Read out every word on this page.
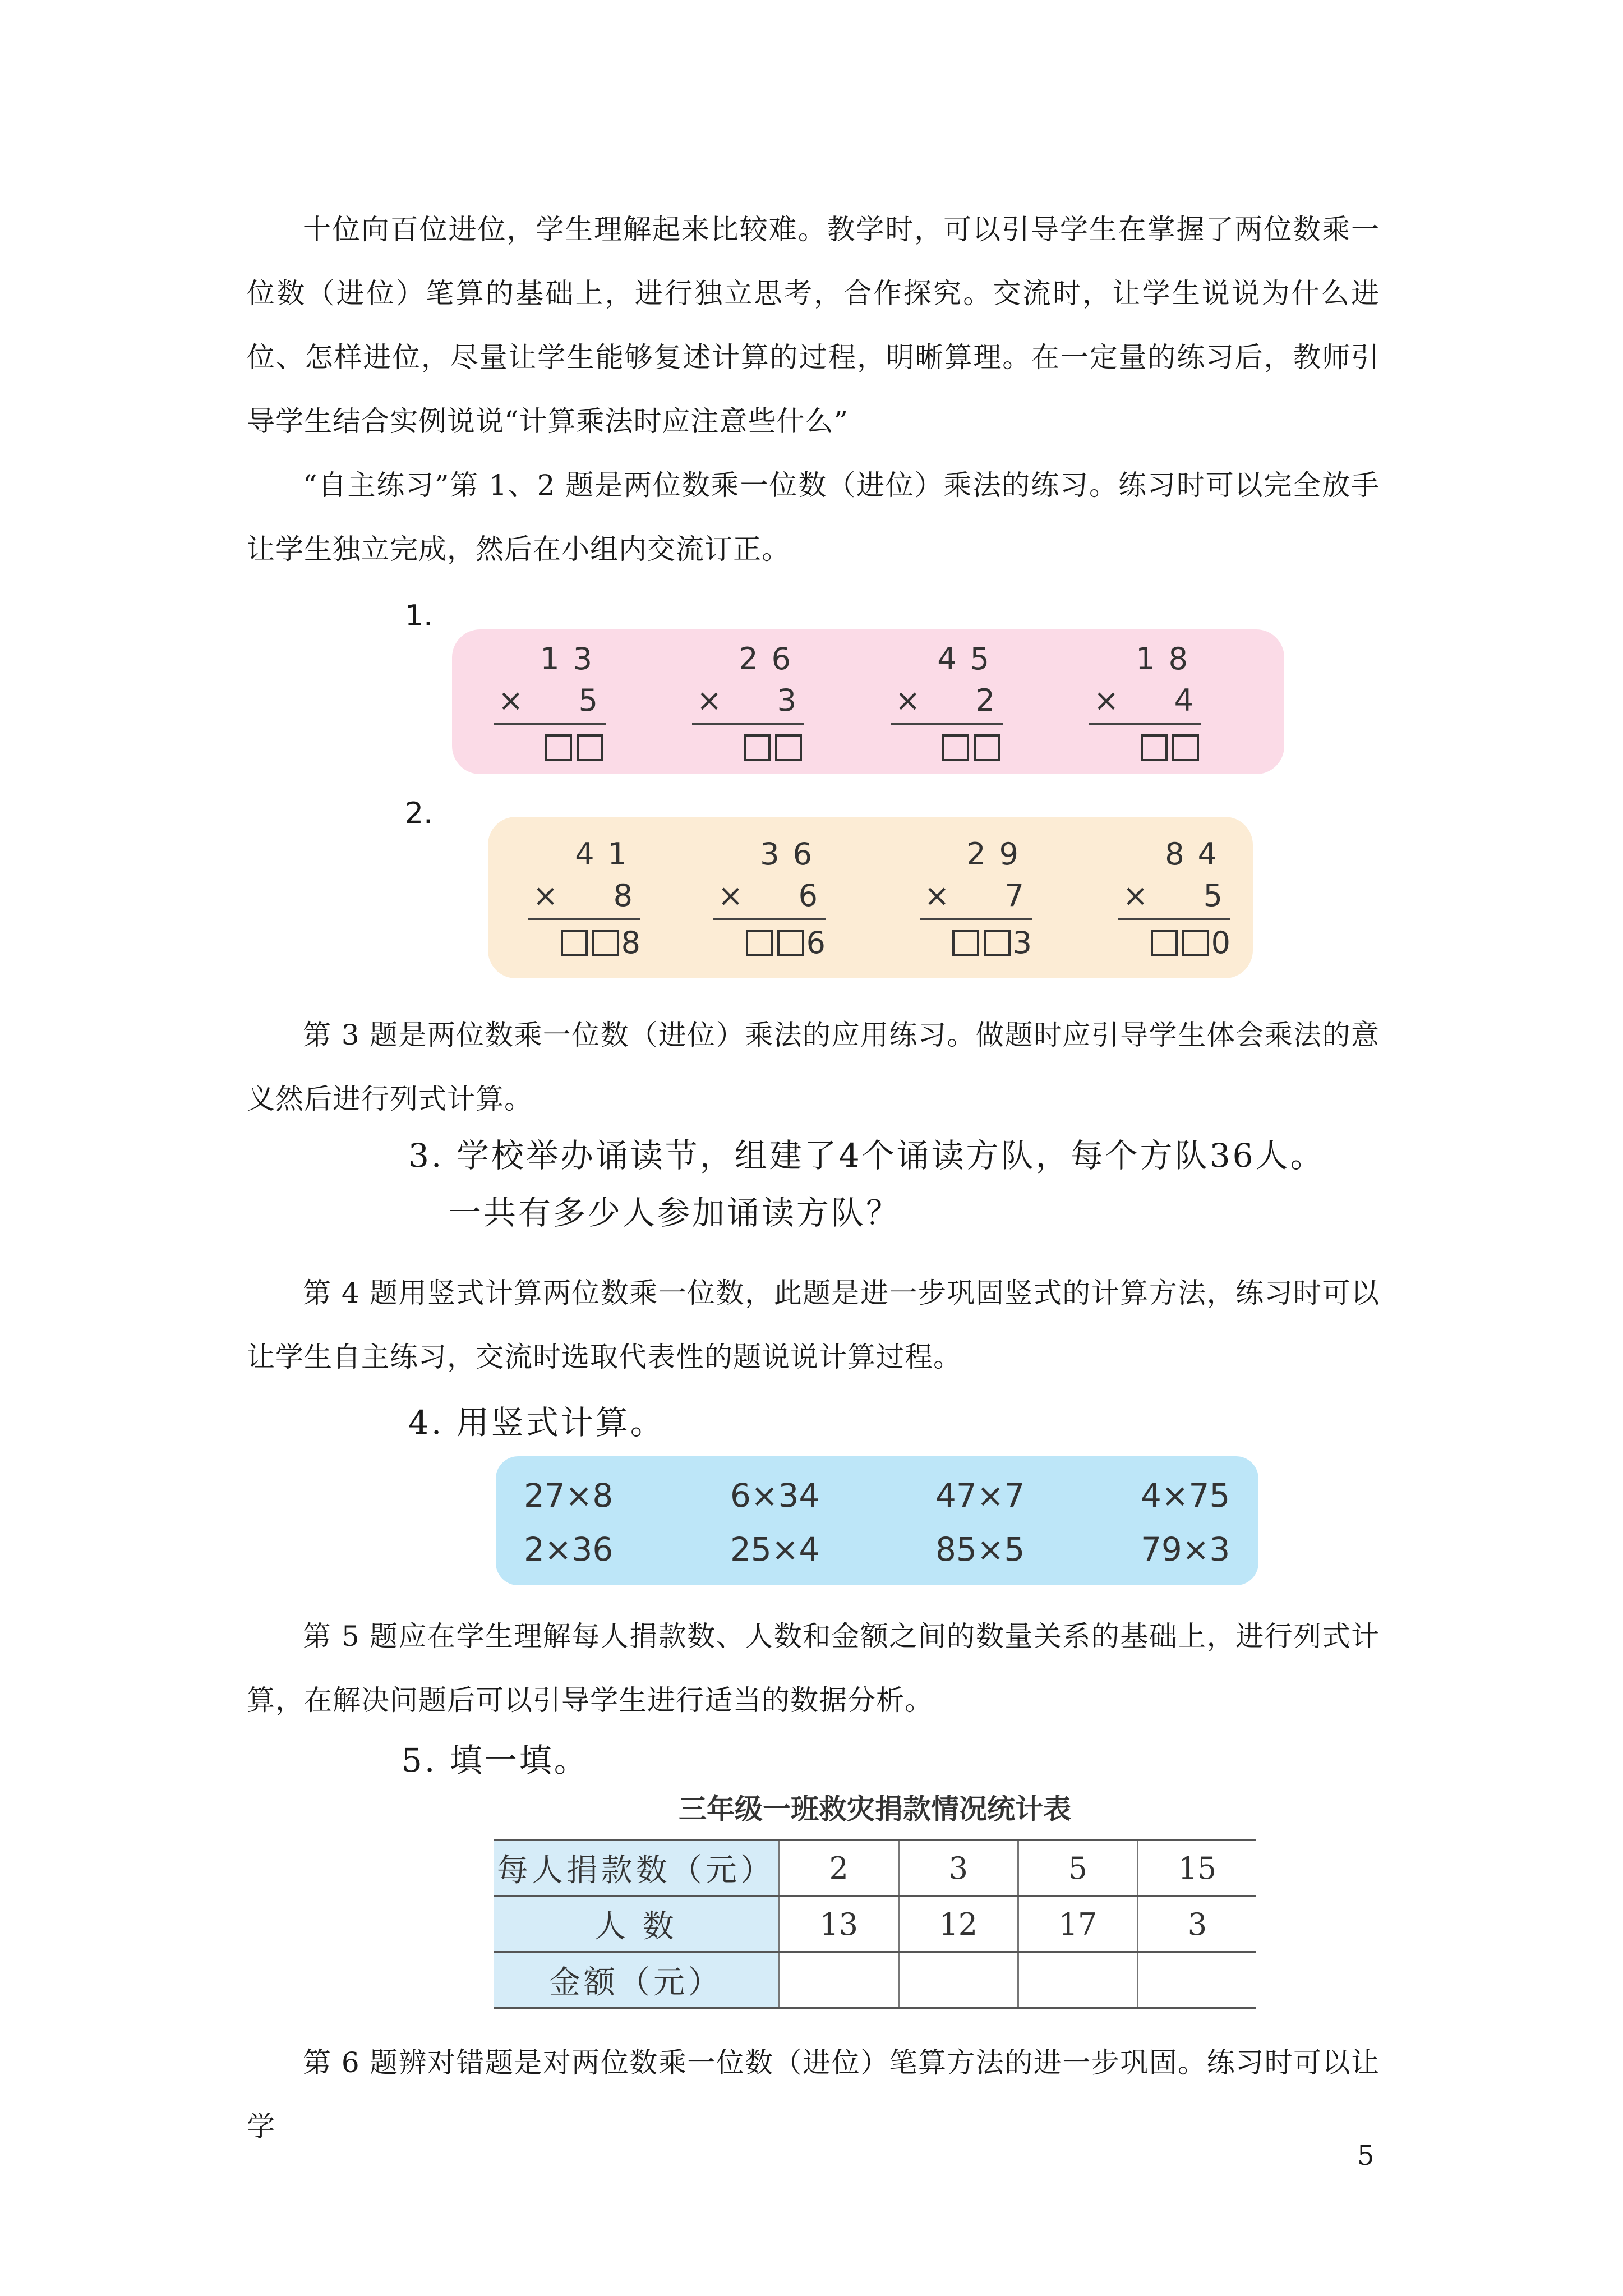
十位向百位进位，学生理解起来比较难。教学时，可以引导学生在掌握了两位数乘一位数（进位）笔算的基础上，进行独立思考，合作探究。交流时，让学生说说为什么进位、怎样进位，尽量让学生能够复述计算的过程，明晰算理。在一定量的练习后，教师引导学生结合实例说说“计算乘法时应注意些什么”

“自主练习”第 1、2 题是两位数乘一位数（进位）乘法的练习。练习时可以完全放手让学生独立完成，然后在小组内交流订正。

1.
13
× 5
26
× 3
45
× 2
18
× 4
2.
41
× 8
8
36
× 6
6
29
× 7
3
84
× 5
0

第 3 题是两位数乘一位数（进位）乘法的应用练习。做题时应引导学生体会乘法的意义然后进行列式计算。

3. 学校举办诵读节，组建了4个诵读方队，每个方队36人。

一共有多少人参加诵读方队？

第 4 题用竖式计算两位数乘一位数，此题是进一步巩固竖式的计算方法，练习时可以让学生自主练习，交流时选取代表性的题说说计算过程。

4. 用竖式计算。

27×8	6×34	47×7	4×75
2×36	25×4	85×5	79×3

第 5 题应在学生理解每人捐款数、人数和金额之间的数量关系的基础上，进行列式计算，在解决问题后可以引导学生进行适当的数据分析。

5. 填一填。

三年级一班救灾捐款情况统计表
每人捐款数（元）	2	3	5	15
人 数	13	12	17	3
金额（元）				

第 6 题辨对错题是对两位数乘一位数（进位）笔算方法的进一步巩固。练习时可以让学

5
